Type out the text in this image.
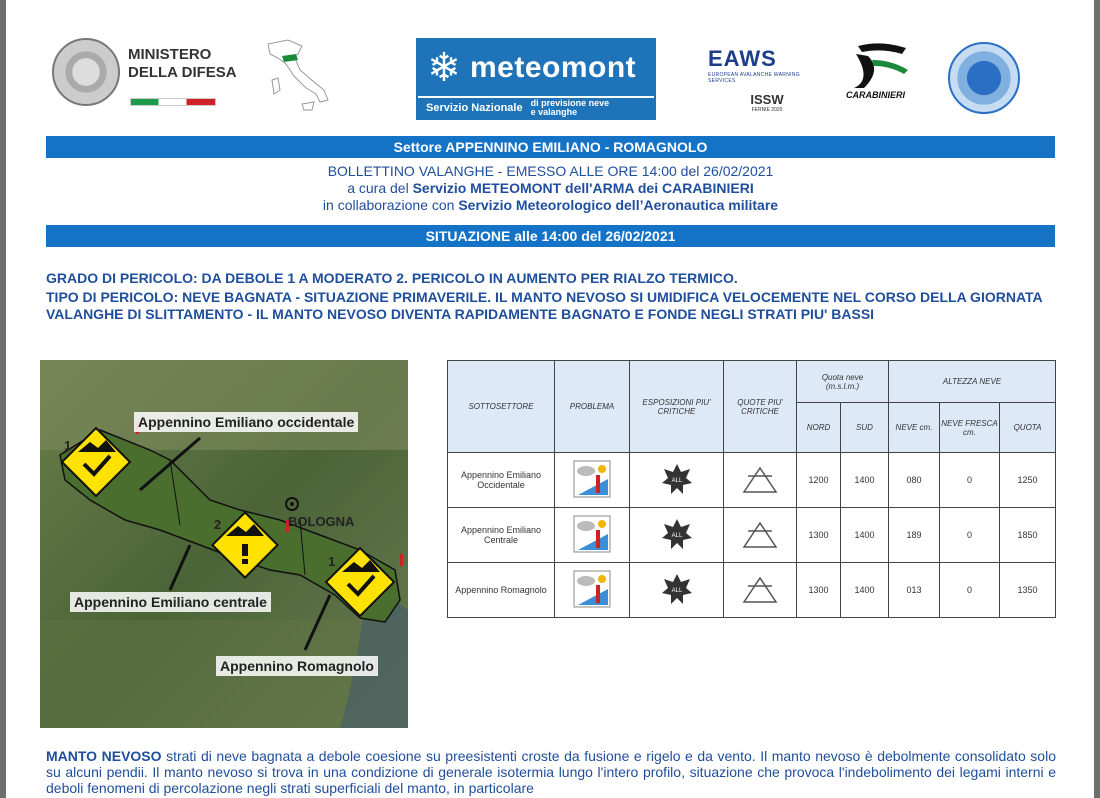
MINISTERO
DELLA DIFESA	❄ meteomont
Servizio Nazionale di previsione neve
e valanghe
EAWS
EUROPEAN AVALANCHE WARNING SERVICES
ISSW
FERNIE 2020
CARABINIERI
Settore APPENNINO EMILIANO - ROMAGNOLO
BOLLETTINO VALANGHE - EMESSO ALLE ORE 14:00 del 26/02/2021
a cura del Servizio METEOMONT dell'ARMA dei CARABINIERI
in collaborazione con Servizio Meteorologico dell’Aeronautica militare
SITUAZIONE alle 14:00 del 26/02/2021

GRADO DI PERICOLO: DA DEBOLE 1 A MODERATO 2. PERICOLO IN AUMENTO PER RIALZO TERMICO.

TIPO DI PERICOLO: NEVE BAGNATA - SITUAZIONE PRIMAVERILE. IL MANTO NEVOSO SI UMIDIFICA VELOCEMENTE NEL CORSO DELLA GIORNATA VALANGHE DI SLITTAMENTO - IL MANTO NEVOSO DIVENTA RAPIDAMENTE BAGNATO E FONDE NEGLI STRATI PIU' BASSI

Appennino Emiliano occidentale
Appennino Emiliano centrale
Appennino Romagnolo
BOLOGNA
1
2
1
SOTTOSETTORE	PROBLEMA	ESPOSIZIONI PIU' CRITICHE	QUOTE PIU' CRITICHE	Quota neve
(m.s.l.m.)		ALTEZZA NEVE		
				NORD	SUD	NEVE cm.	NEVE FRESCA cm.	QUOTA
Appennino Emiliano Occidentale		ALL		1200	1400	080	0	1250
Appennino Emiliano Centrale		ALL		1300	1400	189	0	1850
Appennino Romagnolo		ALL		1300	1400	013	0	1350
MANTO NEVOSO strati di neve bagnata a debole coesione su preesistenti croste da fusione e rigelo e da vento. Il manto nevoso è debolmente consolidato solo su alcuni pendii. Il manto nevoso si trova in una condizione di generale isotermia lungo l'intero profilo, situazione che provoca l'indebolimento dei legami interni e deboli fenomeni di percolazione negli strati superficiali del manto, in particolare
